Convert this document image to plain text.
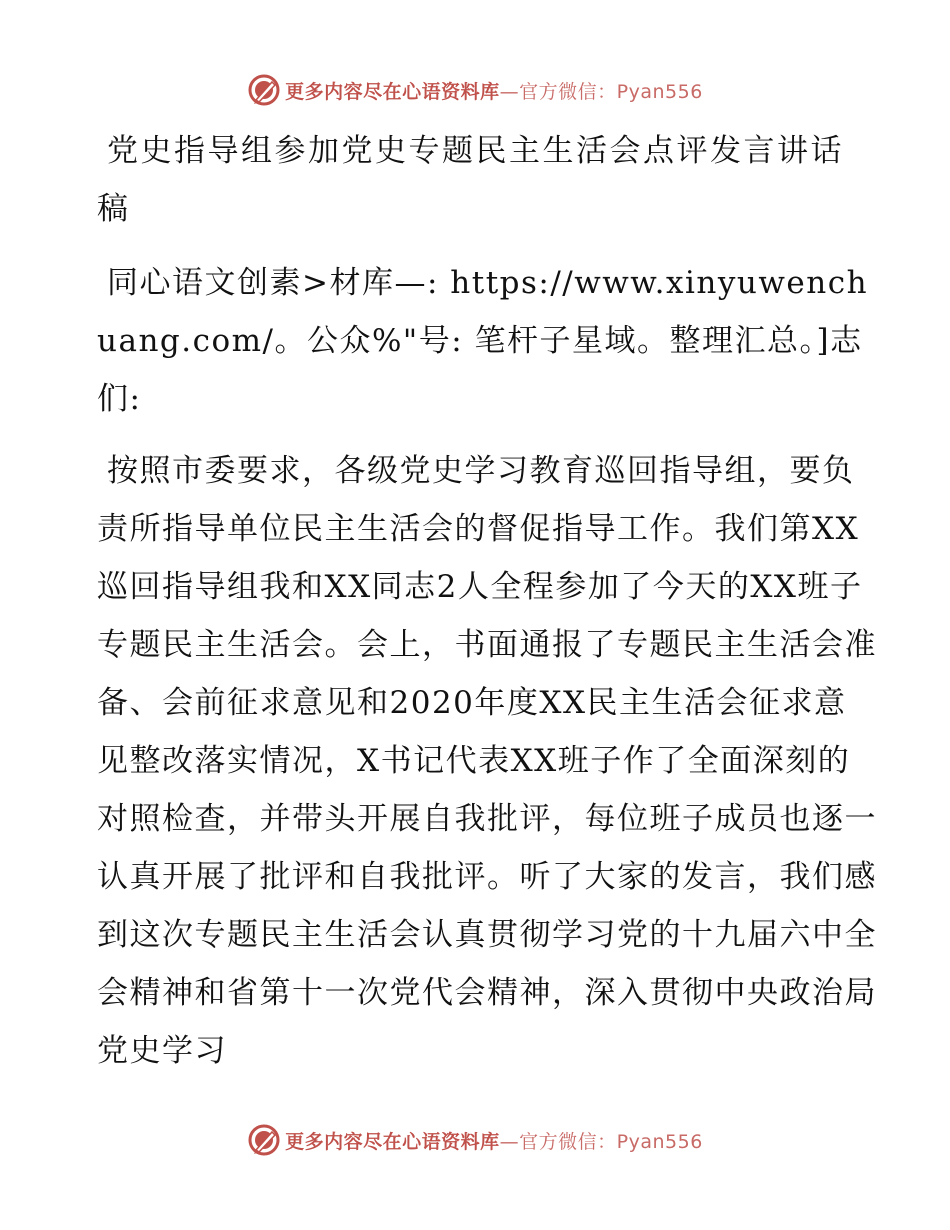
更多内容尽在心语资料库—官方微信：Pyan556
党史指导组参加党史专题民主生活会点评发言讲话稿

同心语文创素>材库—: https://www.xinyuwenchuang.com/。公众%"号: 笔杆子星域。整理汇总。]志们:

按照市委要求，各级党史学习教育巡回指导组，要负责所指导单位民主生活会的督促指导工作。我们第XX巡回指导组我和XX同志2人全程参加了今天的XX班子专题民主生活会。会上，书面通报了专题民主生活会准备、会前征求意见和2020年度XX民主生活会征求意见整改落实情况，X书记代表XX班子作了全面深刻的对照检查，并带头开展自我批评，每位班子成员也逐一认真开展了批评和自我批评。听了大家的发言，我们感到这次专题民主生活会认真贯彻学习党的十九届六中全会精神和省第十一次党代会精神，深入贯彻中央政治局党史学习

更多内容尽在心语资料库—官方微信：Pyan556
